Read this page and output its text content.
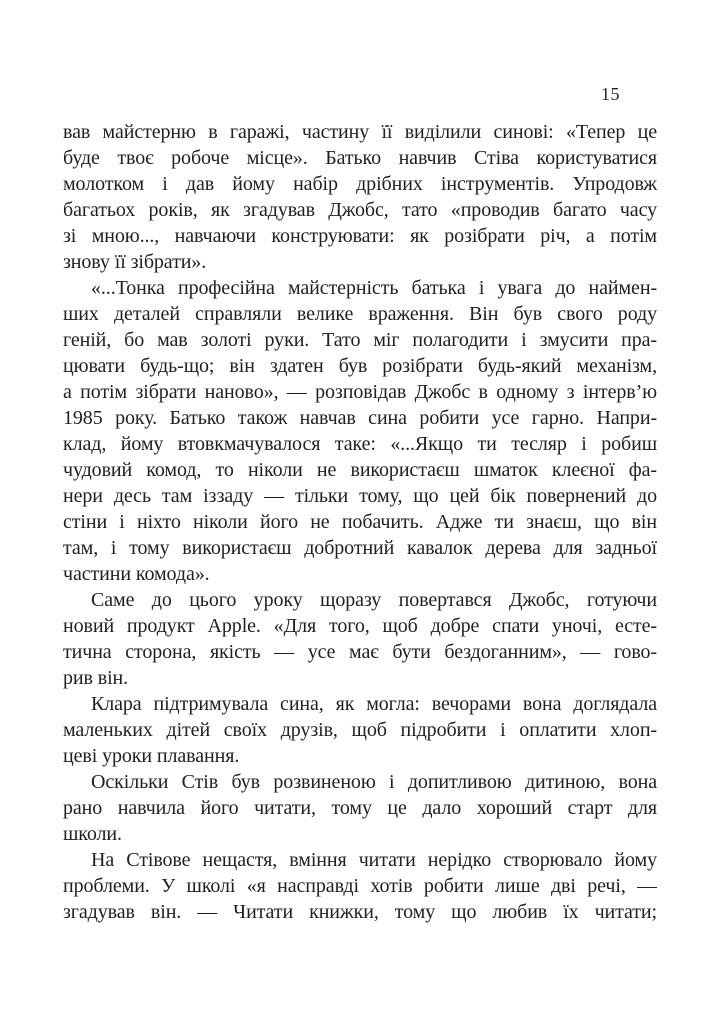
15
вав майстерню в гаражі, частину її виділили синові: «Тепер це
буде твоє робоче місце». Батько навчив Стіва користуватися
молотком і дав йому набір дрібних інструментів. Упродовж
багатьох років, як згадував Джобс, тато «проводив багато часу
зі мною..., навчаючи конструювати: як розібрати річ, а потім
знову її зібрати».
«...Тонка професійна майстерність батька і увага до наймен-
ших деталей справляли велике враження. Він був свого роду
геній, бо мав золоті руки. Тато міг полагодити і змусити пра-
цювати будь-що; він здатен був розібрати будь-який механізм,
а потім зібрати наново», — розповідав Джобс в одному з інтерв’ю
1985 року. Батько також навчав сина робити усе гарно. Напри-
клад, йому втовкмачувалося таке: «...Якщо ти тесляр і робиш
чудовий комод, то ніколи не використаєш шматок клеєної фа-
нери десь там іззаду — тільки тому, що цей бік повернений до
стіни і ніхто ніколи його не побачить. Адже ти знаєш, що він
там, і тому використаєш добротний кавалок дерева для задньої
частини комода».
Саме до цього уроку щоразу повертався Джобс, готуючи
новий продукт Apple. «Для того, щоб добре спати уночі, есте-
тична сторона, якість — усе має бути бездоганним», — гово-
рив він.
Клара підтримувала сина, як могла: вечорами вона доглядала
маленьких дітей своїх друзів, щоб підробити і оплатити хлоп-
цеві уроки плавання.
Оскільки Стів був розвиненою і допитливою дитиною, вона
рано навчила його читати, тому це дало хороший старт для
школи.
На Стівове нещастя, вміння читати нерідко створювало йому
проблеми. У школі «я насправді хотів робити лише дві речі, —
згадував він. — Читати книжки, тому що любив їх читати;
